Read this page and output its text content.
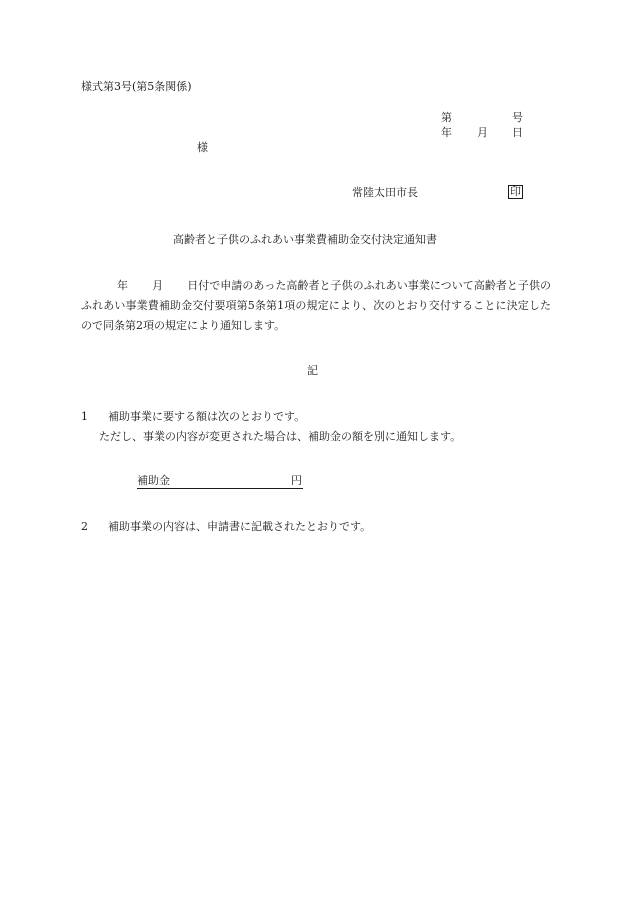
様式第3号(第5条関係)
第	号
年 月 日
様
常陸太田市長	印
高齢者と子供のふれあい事業費補助金交付決定通知書
年 月 日付で申請のあった高齢者と子供のふれあい事業について高齢者と子供のふれあい事業費補助金交付要項第5条第1項の規定により、次のとおり交付することに決定したので同条第2項の規定により通知します。
記
1 補助事業に要する額は次のとおりです。
ただし、事業の内容が変更された場合は、補助金の額を別に通知します。
補助金	円
2 補助事業の内容は、申請書に記載されたとおりです。
